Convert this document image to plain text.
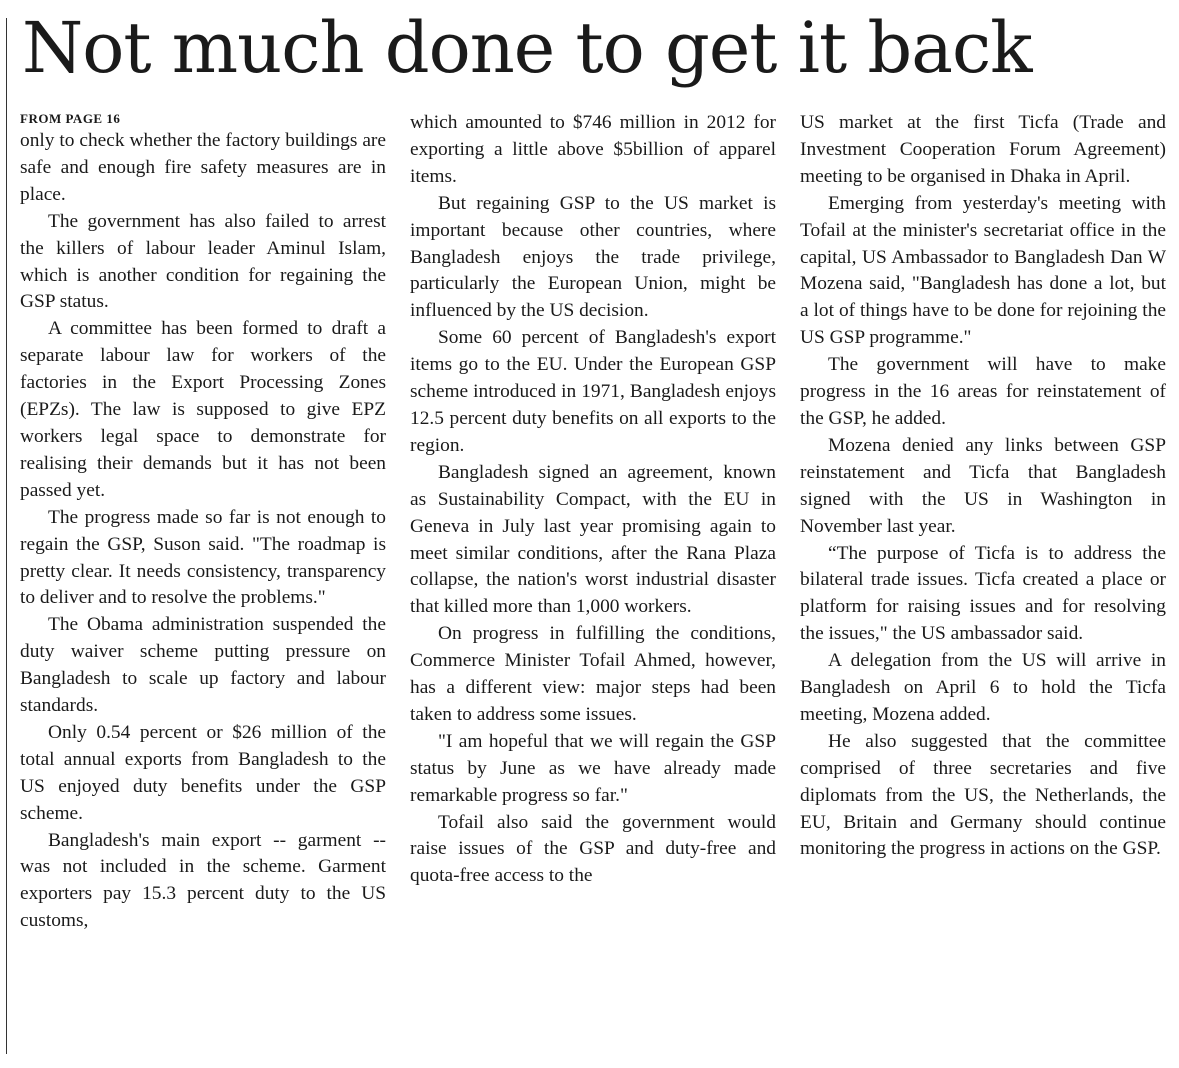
Not much done to get it back
FROM PAGE 16

only to check whether the factory buildings are safe and enough fire safety measures are in place.

The government has also failed to arrest the killers of labour leader Aminul Islam, which is another condition for regaining the GSP status.

A committee has been formed to draft a separate labour law for workers of the factories in the Export Processing Zones (EPZs). The law is supposed to give EPZ workers legal space to demonstrate for realising their demands but it has not been passed yet.

The progress made so far is not enough to regain the GSP, Suson said. "The roadmap is pretty clear. It needs consistency, transparency to deliver and to resolve the problems."

The Obama administration suspended the duty waiver scheme putting pressure on Bangladesh to scale up factory and labour standards.

Only 0.54 percent or $26 million of the total annual exports from Bangladesh to the US enjoyed duty benefits under the GSP scheme.

Bangladesh's main export -- garment -- was not included in the scheme. Garment exporters pay 15.3 percent duty to the US customs,

which amounted to $746 million in 2012 for exporting a little above $5billion of apparel items.

But regaining GSP to the US market is important because other countries, where Bangladesh enjoys the trade privilege, particularly the European Union, might be influenced by the US decision.

Some 60 percent of Bangladesh's export items go to the EU. Under the European GSP scheme introduced in 1971, Bangladesh enjoys 12.5 percent duty benefits on all exports to the region.

Bangladesh signed an agreement, known as Sustainability Compact, with the EU in Geneva in July last year promising again to meet similar conditions, after the Rana Plaza collapse, the nation's worst industrial disaster that killed more than 1,000 workers.

On progress in fulfilling the conditions, Commerce Minister Tofail Ahmed, however, has a different view: major steps had been taken to address some issues.

"I am hopeful that we will regain the GSP status by June as we have already made remarkable progress so far."

Tofail also said the government would raise issues of the GSP and duty-free and quota-free access to the

US market at the first Ticfa (Trade and Investment Cooperation Forum Agreement) meeting to be organised in Dhaka in April.

Emerging from yesterday's meeting with Tofail at the minister's secretariat office in the capital, US Ambassador to Bangladesh Dan W Mozena said, "Bangladesh has done a lot, but a lot of things have to be done for rejoining the US GSP programme."

The government will have to make progress in the 16 areas for reinstatement of the GSP, he added.

Mozena denied any links between GSP reinstatement and Ticfa that Bangladesh signed with the US in Washington in November last year.

“The purpose of Ticfa is to address the bilateral trade issues. Ticfa created a place or platform for raising issues and for resolving the issues," the US ambassador said.

A delegation from the US will arrive in Bangladesh on April 6 to hold the Ticfa meeting, Mozena added.

He also suggested that the committee comprised of three secretaries and five diplomats from the US, the Netherlands, the EU, Britain and Germany should continue monitoring the progress in actions on the GSP.
